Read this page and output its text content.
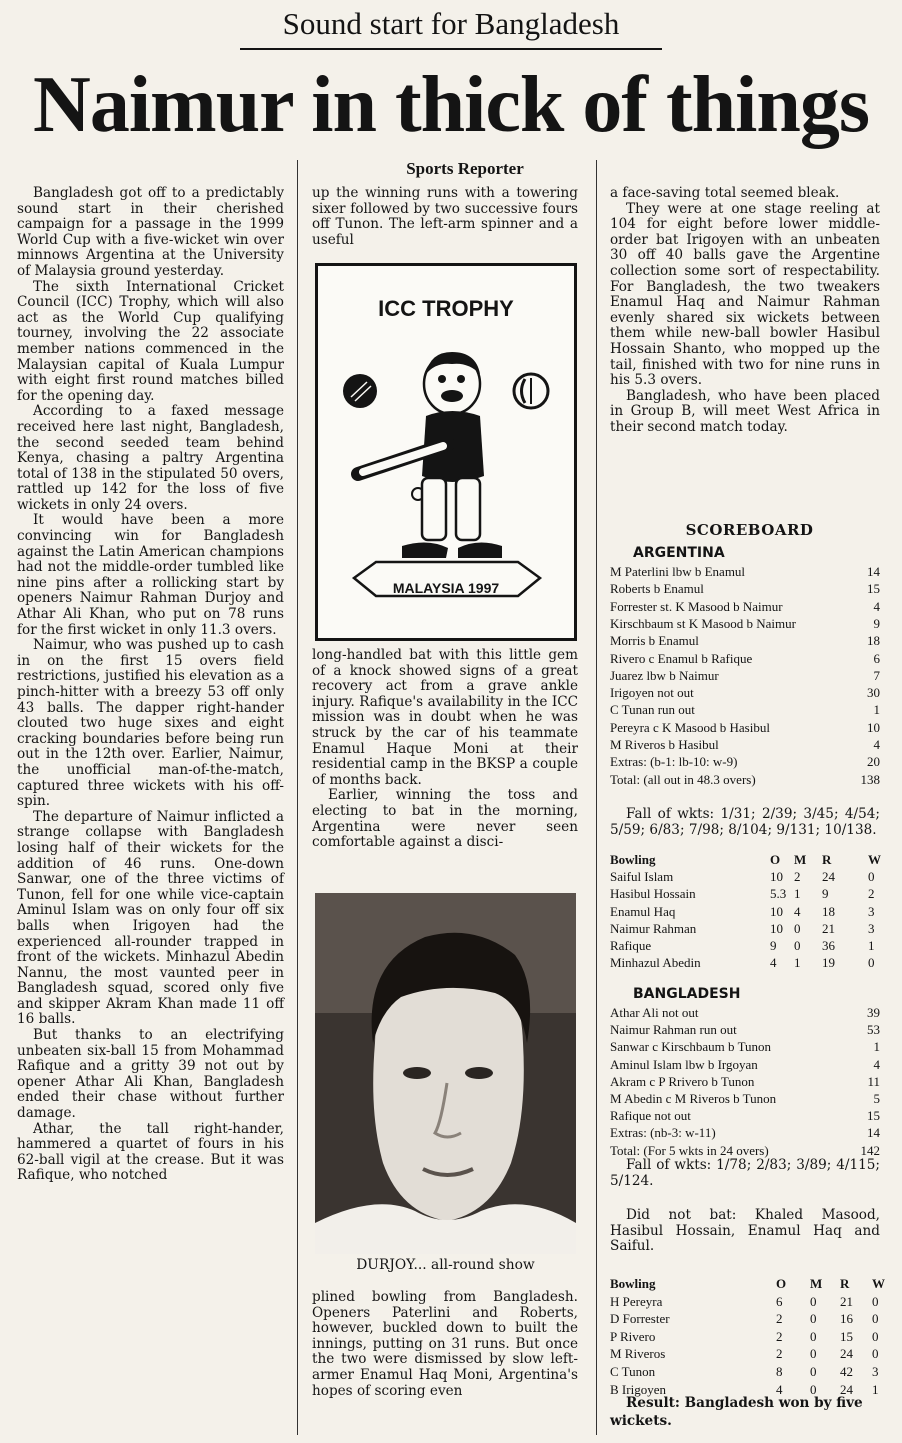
Sound start for Bangladesh
Naimur in thick of things
Sports Reporter

Bangladesh got off to a predictably sound start in their cherished campaign for a passage in the 1999 World Cup with a five-wicket win over minnows Argentina at the University of Malaysia ground yesterday.

The sixth International Cricket Council (ICC) Trophy, which will also act as the World Cup qualifying tourney, involving the 22 associate member nations commenced in the Malaysian capital of Kuala Lumpur with eight first round matches billed for the opening day.

According to a faxed message received here last night, Bangladesh, the second seeded team behind Kenya, chasing a paltry Argentina total of 138 in the stipulated 50 overs, rattled up 142 for the loss of five wickets in only 24 overs.

It would have been a more convincing win for Bangladesh against the Latin American champions had not the middle-order tumbled like nine pins after a rollicking start by openers Naimur Rahman Durjoy and Athar Ali Khan, who put on 78 runs for the first wicket in only 11.3 overs.

Naimur, who was pushed up to cash in on the first 15 overs field restrictions, justified his elevation as a pinch-hitter with a breezy 53 off only 43 balls. The dapper right-hander clouted two huge sixes and eight cracking boundaries before being run out in the 12th over. Earlier, Naimur, the unofficial man-of-the-match, captured three wickets with his off-spin.

The departure of Naimur inflicted a strange collapse with Bangladesh losing half of their wickets for the addition of 46 runs. One-down Sanwar, one of the three victims of Tunon, fell for one while vice-captain Aminul Islam was on only four off six balls when Irigoyen had the experienced all-rounder trapped in front of the wickets. Minhazul Abedin Nannu, the most vaunted peer in Bangladesh squad, scored only five and skipper Akram Khan made 11 off 16 balls.

But thanks to an electrifying unbeaten six-ball 15 from Mohammad Rafique and a gritty 39 not out by opener Athar Ali Khan, Bangladesh ended their chase without further damage.

Athar, the tall right-hander, hammered a quartet of fours in his 62-ball vigil at the crease. But it was Rafique, who notched

up the winning runs with a towering sixer followed by two successive fours off Tunon. The left-arm spinner and a useful

ICC TROPHY
MALAYSIA 1997

long-handled bat with this little gem of a knock showed signs of a great recovery act from a grave ankle injury. Rafique's availability in the ICC mission was in doubt when he was struck by the car of his teammate Enamul Haque Moni at their residential camp in the BKSP a couple of months back.

Earlier, winning the toss and electing to bat in the morning, Argentina were never seen comfortable against a disci-

DURJOY... all-round show

plined bowling from Bangladesh. Openers Paterlini and Roberts, however, buckled down to built the innings, putting on 31 runs. But once the two were dismissed by slow left-armer Enamul Haq Moni, Argentina's hopes of scoring even

a face-saving total seemed bleak.

They were at one stage reeling at 104 for eight before lower middle-order bat Irigoyen with an unbeaten 30 off 40 balls gave the Argentine collection some sort of respectability. For Bangladesh, the two tweakers Enamul Haq and Naimur Rahman evenly shared six wickets between them while new-ball bowler Hasibul Hossain Shanto, who mopped up the tail, finished with two for nine runs in his 5.3 overs.

Bangladesh, who have been placed in Group B, will meet West Africa in their second match today.

SCOREBOARD
ARGENTINA
M Paterlini lbw b Enamul	14
Roberts b Enamul	15
Forrester st. K Masood b Naimur	4
Kirschbaum st K Masood b Naimur	9
Morris b Enamul	18
Rivero c Enamul b Rafique	6
Juarez lbw b Naimur	7
Irigoyen not out	30
C Tunan run out	1
Pereyra c K Masood b Hasibul	10
M Riveros b Hasibul	4
Extras: (b-1: lb-10: w-9)	20
Total: (all out in 48.3 overs)	138

Fall of wkts: 1/31; 2/39; 3/45; 4/54; 5/59; 6/83; 7/98; 8/104; 9/131; 10/138.

Bowling	O M R	W
Saiful Islam	10 2 24	0
Hasibul Hossain	5.3 1 9	2
Enamul Haq	10 4 18	3
Naimur Rahman	10 0 21	3
Rafique	9 0 36	1
Minhazul Abedin	4 1 19	0
BANGLADESH
Athar Ali not out	39
Naimur Rahman run out	53
Sanwar c Kirschbaum b Tunon	1
Aminul Islam lbw b Irgoyan	4
Akram c P Rrivero b Tunon	11
M Abedin c M Riveros b Tunon	5
Rafique not out	15
Extras: (nb-3: w-11)	14
Total: (For 5 wkts in 24 overs)	142

Fall of wkts: 1/78; 2/83; 3/89; 4/115; 5/124.

Did not bat: Khaled Masood, Hasibul Hossain, Enamul Haq and Saiful.

Bowling	O M R W
H Pereyra	6 0 21 0
D Forrester	2 0 16 0
P Rivero	2 0 15 0
M Riveros	2 0 24 0
C Tunon	8 0 42 3
B Irigoyen	4 0 24 1
Result: Bangladesh won by five wickets.
